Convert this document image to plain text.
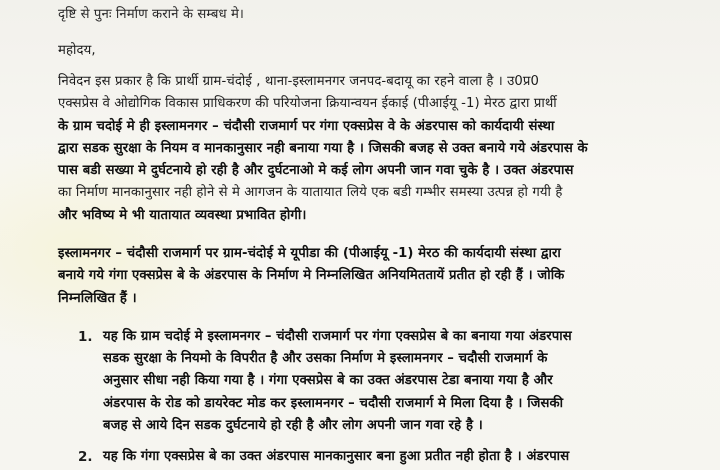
दृष्टि से पुनः निर्माण कराने के सम्बध मे।
महोदय,
निवेदन इस प्रकार है कि प्रार्थी ग्राम-चंदोई , थाना-इस्लामनगर जनपद-बदायू का रहने वाला है । उ0प्र0
एक्सप्रेस वे ओद्योगिक विकास प्राधिकरण की परियोजना क्रियान्वयन ईकाई (पीआईयू -1) मेरठ द्वारा प्रार्थी
के ग्राम चदोई मे ही इस्लामनगर – चंदौसी राजमार्ग पर गंगा एक्सप्रेस वे के अंडरपास को कार्यदायी संस्था
द्वारा सडक सुरक्षा के नियम व मानकानुसार नही बनाया गया है । जिसकी बजह से उक्त बनाये गये अंडरपास के
पास बडी सख्या मे दुर्घटनाये हो रही है और दुर्घटनाओ मे कई लोग अपनी जान गवा चुके है । उक्त अंडरपास
का निर्माण मानकानुसार नही होने से मे आगजन के यातायात लिये एक बडी गम्भीर समस्या उत्पन्न हो गयी है
और भविष्य मे भी यातायात व्यवस्था प्रभावित होगी।
इस्लामनगर – चंदौसी राजमार्ग पर ग्राम-चंदोई मे यूपीडा की (पीआईयू -1) मेरठ की कार्यदायी संस्था द्वारा
बनाये गये गंगा एक्सप्रेस बे के अंडरपास के निर्माण मे निम्नलिखित अनियमिततायें प्रतीत हो रही हैं । जोकि
निम्नलिखित हैं ।
1. यह कि ग्राम चदोई मे इस्लामनगर – चंदौसी राजमार्ग पर गंगा एक्सप्रेस बे का बनाया गया अंडरपास
सडक सुरक्षा के नियमो के विपरीत है और उसका निर्माण मे इस्लामनगर – चदौसी राजमार्ग के
अनुसार सीधा नही किया गया है । गंगा एक्सप्रेस बे का उक्त अंडरपास टेडा बनाया गया है और
अंडरपास के रोड को डायरेक्ट मोड कर इस्लामनगर – चदौसी राजमार्ग मे मिला दिया है । जिसकी
बजह से आये दिन सडक दुर्घटनाये हो रही है और लोग अपनी जान गवा रहे है ।
2. यह कि गंगा एक्सप्रेस बे का उक्त अंडरपास मानकानुसार बना हुआ प्रतीत नही होता है । अंडरपास
